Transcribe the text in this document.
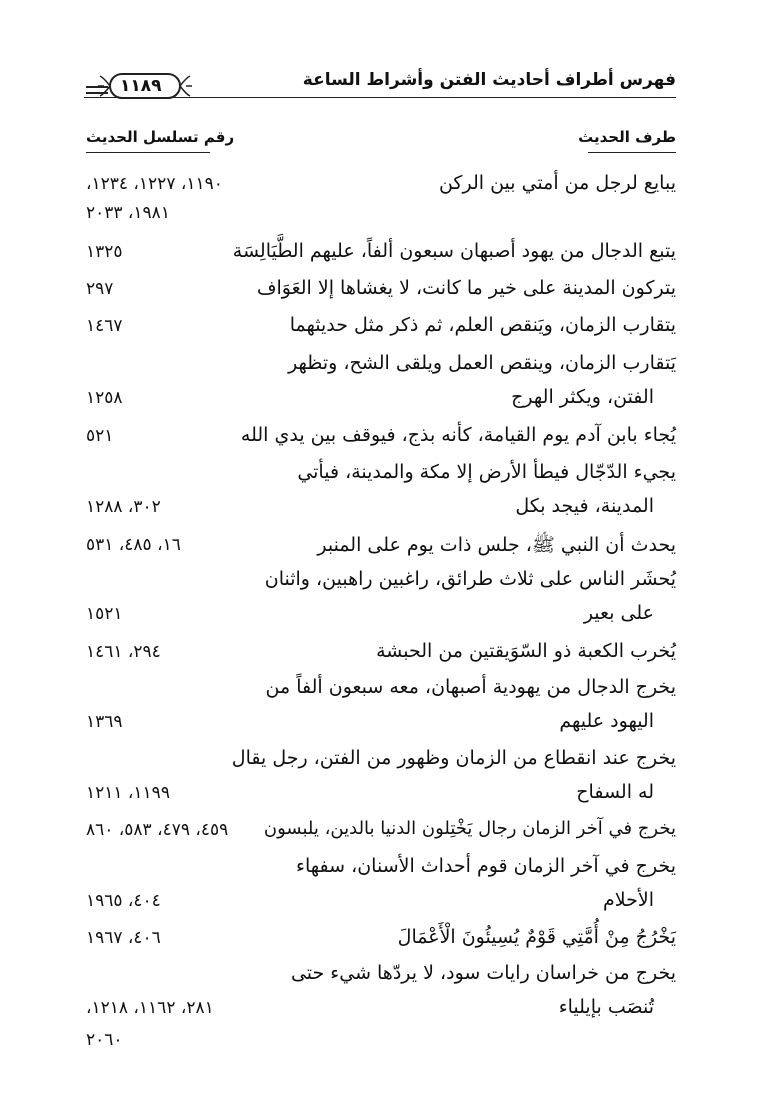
فهرس أطراف أحاديث الفتن وأشراط الساعة
١١٨٩
طرف الحديث
رقم تسلسل الحديث
يبايع لرجل من أمتي بين الركن
١١٩٠، ١٢٢٧، ١٢٣٤،
١٩٨١، ٢٠٣٣
يتبع الدجال من يهود أصبهان سبعون ألفاً، عليهم الطَّيَالِسَة
١٣٢٥
يتركون المدينة على خير ما كانت، لا يغشاها إلا العَوَاف
٢٩٧
يتقارب الزمان، ويَنقص العلم، ثم ذكر مثل حديثهما
١٤٦٧
يَتقارب الزمان، وينقص العمل ويلقى الشح، وتظهر
الفتن، ويكثر الهرج
١٢٥٨
يُجاء بابن آدم يوم القيامة، كأنه بذج، فيوقف بين يدي الله
٥٢١
يجيء الدّجّال فيطأ الأرض إلا مكة والمدينة، فيأتي
المدينة، فيجد بكل
٣٠٢، ١٢٨٨
يحدث أن النبي ﷺ، جلس ذات يوم على المنبر
١٦، ٤٨٥، ٥٣١
يُحشَر الناس على ثلاث طرائق، راغبين راهبين، واثنان
على بعير
١٥٢١
يُخرب الكعبة ذو السّوَيقتين من الحبشة
٢٩٤، ١٤٦١
يخرج الدجال من يهودية أصبهان، معه سبعون ألفاً من
اليهود عليهم
١٣٦٩
يخرج عند انقطاع من الزمان وظهور من الفتن، رجل يقال
له السفاح
١١٩٩، ١٢١١
يخرج في آخر الزمان رجال يَخْتِلون الدنيا بالدين، يلبسون
٤٥٩، ٤٧٩، ٥٨٣، ٨٦٠
يخرج في آخر الزمان قوم أحداث الأسنان، سفهاء
الأحلام
٤٠٤، ١٩٦٥
يَخْرُجُ مِنْ أُمَّتِي قَوْمٌ يُسِيئُونَ الْأَعْمَالَ
٤٠٦، ١٩٦٧
يخرج من خراسان رايات سود، لا يردّها شيء حتى
تُنصَب بإيلياء
٢٨١، ١١٦٢، ١٢١٨،
٢٠٦٠
